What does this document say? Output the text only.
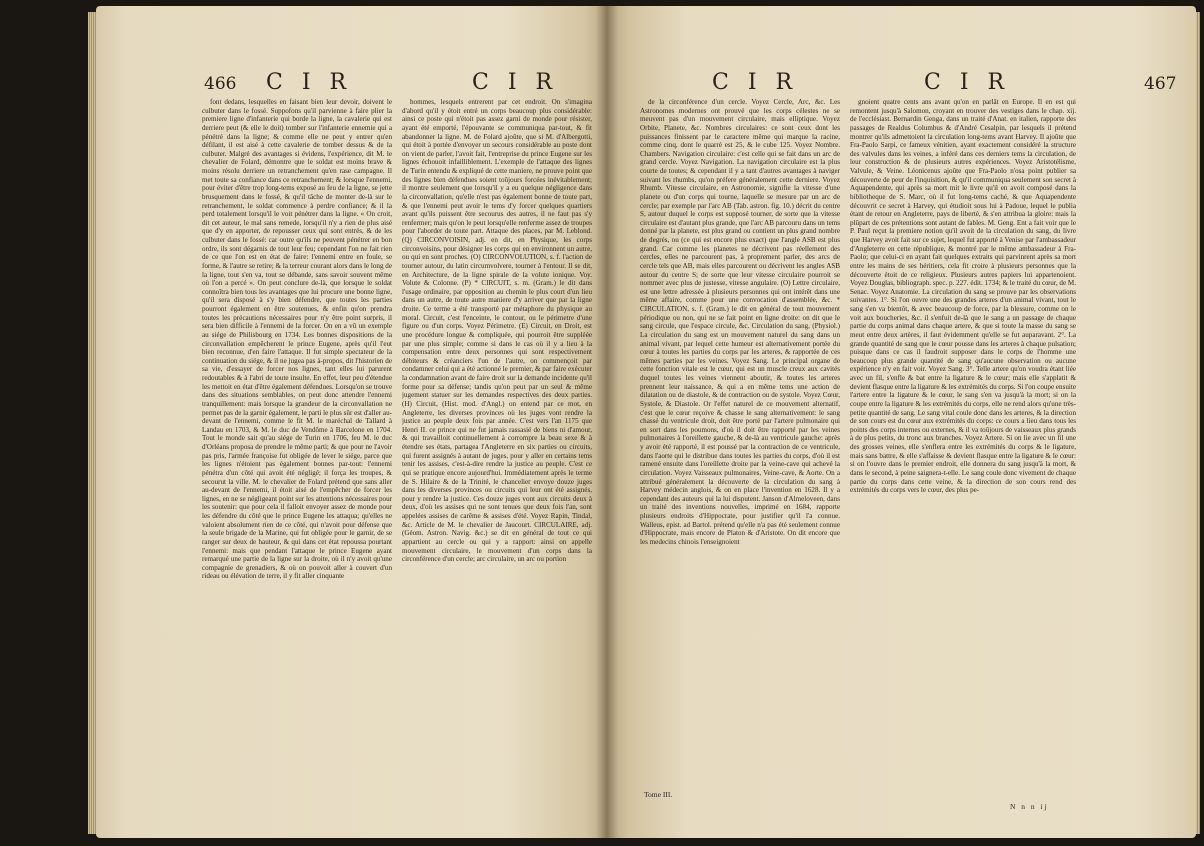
466 C I R	C I R

font dedans, lesquelles en faisant bien leur devoir, doivent le culbuter dans le fossé. Suppofons qu'il parvienne à faire plier la premiere ligne d'infanterie qui borde la ligne, la cavalerie qui est derriere peut (& elle le doit) tomber sur l'infanterie ennemie qui a pénétré dans la ligne; & comme elle ne peut y entrer qu'en défilant, il est aisé à cette cavalerie de tomber dessus & de la culbuter. Malgré des avantages si évidens, l'expérience, dit M. le chevalier de Folard, démontre que le soldat est moins brave & moins résolu derriere un retranchement qu'en rase campagne. Il met toute sa confiance dans ce retranchement; & lorsque l'ennemi, pour éviter d'être trop long-tems exposé au feu de la ligne, se jette brusquement dans le fossé, & qu'il tâche de monter de-là sur le retranchement, le soldat commence à perdre confiance; & il la perd totalement lorsqu'il le voit pénétrer dans la ligne. « On croit, dit cet auteur, le mal sans remede, lorsqu'il n'y a rien de plus aisé que d'y en apporter, de repousser ceux qui sont entrés, & de les culbuter dans le fossé: car outre qu'ils ne peuvent pénétrer en bon ordre, ils sont dégarnis de tout leur feu; cependant l'on ne fait rien de ce que l'on est en état de faire: l'ennemi entre en foule, se forme, & l'autre se retire; & la terreur courant alors dans le long de la ligne, tout s'en va, tout se débande, sans savoir souvent même où l'on a percé ». On peut conclure de-là, que lorsque le soldat connoîtra bien tous les avantages que lui procure une bonne ligne, qu'il sera disposé à s'y bien défendre, que toutes les parties pourront également en être soutenues, & enfin qu'on prendra toutes les précautions nécessaires pour n'y être point surpris, il sera bien difficile à l'ennemi de la forcer. On en a vû un exemple au siége de Philisbourg en 1734. Les bonnes dispositions de la circonvallation empêcherent le prince Eugene, après qu'il l'eut bien reconnue, d'en faire l'attaque. Il fut simple spectateur de la continuation du siége, & il ne jugea pas à-propos, dit l'historien de sa vie, d'essayer de forcer nos lignes, tant elles lui parurent redoutables & à l'abri de toute insulte. En effet, leur peu d'étendue les mettoit en état d'être également défendues. Lorsqu'on se trouve dans des situations semblables, on peut donc attendre l'ennemi tranquillement: mais lorsque la grandeur de la circonvallation ne permet pas de la garnir également, le parti le plus sûr est d'aller au-devant de l'ennemi, comme le fit M. le maréchal de Tallard à Landau en 1703, & M. le duc de Vendôme à Barcelone en 1704. Tout le monde sait qu'au siége de Turin en 1706, feu M. le duc d'Orléans proposa de prendre le même parti; & que pour ne l'avoir pas pris, l'armée françoise fut obligée de lever le siége, parce que les lignes n'étoient pas également bonnes par-tout: l'ennemi pénétra d'un côté qui avoit été négligé; il força les troupes, & secourut la ville. M. le chevalier de Folard prétend que sans aller au-devant de l'ennemi, il étoit aisé de l'empêcher de forcer les lignes, en ne se négligeant point sur les attentions nécessaires pour les soutenir: que pour cela il falloit envoyer assez de monde pour les défendre du côté que le prince Eugene les attaqua; qu'elles ne valoient absolument rien de ce côté, qui n'avoit pour défense que la seule brigade de la Marine, qui fut obligée pour le garnir, de se ranger sur deux de hauteur, & qui dans cet état repoussa pourtant l'ennemi: mais que pendant l'attaque le prince Eugene ayant remarqué une partie de la ligne sur la droite, où il n'y avoit qu'une compagnie de grenadiers, & où on pouvoit aller à couvert d'un rideau ou élévation de terre, il y fit aller cinquante

hommes, lesquels entrerent par cet endroit. On s'imagina d'abord qu'il y étoit entré un corps beaucoup plus considérable: ainsi ce poste qui n'étoit pas assez garni de monde pour résister, ayant été emporté, l'épouvante se communiqua par-tout, & fit abandonner la ligne. M. de Folard ajoûte, que si M. d'Albergotti, qui étoit à portée d'envoyer un secours considérable au poste dont on vient de parler, l'avoit fait, l'entreprise du prince Eugene sur les lignes échouoit infailliblement. L'exemple de l'attaque des lignes de Turin entendu & expliqué de cette maniere, ne prouve point que des lignes bien défendues soient toûjours forcées inévitablement; il montre seulement que lorsqu'il y a eu quelque négligence dans la circonvallation, qu'elle n'est pas également bonne de toute part, & que l'ennemi peut avoir le tems d'y forcer quelques quartiers avant qu'ils puissent être secourus des autres, il ne faut pas s'y renfermer; mais qu'on le peut lorsqu'elle renferme assez de troupes pour l'aborder de toute part. Attaque des places, par M. Leblond. (Q) CIRCONVOISIN, adj. en dit, en Physique, les corps circonvoisins, pour désigner les corps qui en environnent un autre, ou qui en sont proches. (O) CIRCONVOLUTION, s. f. l'action de tourner autour, du latin circumvolvere, tourner à l'entour. Il se dit, en Architecture, de la ligne spirale de la volute ionique. Voy. Volute & Colonne. (P) * CIRCUIT, s. m. (Gram.) le dit dans l'usage ordinaire, par opposition au chemin le plus court d'un lieu dans un autre, de toute autre maniere d'y arriver que par la ligne droite. Ce terme a été transporté par métaphore du physique au moral. Circuit, c'est l'enceinte, le contour, ou le périmetre d'une figure ou d'un corps. Voyez Périmetre. (E) Circuit, en Droit, est une procédure longue & compliquée, qui pourroit être suppléée par une plus simple; comme si dans le cas où il y a lieu à la compensation entre deux personnes qui sont respectivement débiteurs & créanciers l'un de l'autre, on commençoit par condamner celui qui a été actionné le premier, & par faire exécuter la condamnation avant de faire droit sur la demande incidente qu'il forme pour sa défense; tandis qu'on peut par un seul & même jugement statuer sur les demandes respectives des deux parties. (H) Circuit, (Hist. mod. d'Angl.) on entend par ce mot, en Angleterre, les diverses provinces où les juges vont rendre la justice au peuple deux fois par année. C'est vers l'an 1175 que Henri II. ce prince qui ne fut jamais rassasié de biens ni d'amour, & qui travailloit continuellement à corrompre la beau sexe & à étendre ses états, partagea l'Angleterre en six parties ou circuits, qui furent assignés à autant de juges, pour y aller en certains tems tenir les assises, c'est-à-dire rendre la justice au peuple. C'est ce qui se pratique encore aujourd'hui. Immédiatement après le terme de S. Hilaire & de la Trinité, le chancelier envoye douze juges dans les diverses provinces ou circuits qui leur ont été assignés, pour y rendre la justice. Ces douze juges vont aux circuits deux à deux, d'où les assises qui ne sont tenues que deux fois l'an, sont appelées assises de carême & assises d'été. Voyez Rapin, Tindal, &c. Article de M. le chevalier de Jaucourt. CIRCULAIRE, adj. (Géom. Astron. Navig. &c.) se dit en général de tout ce qui appartient au cercle ou qui y a rapport: ainsi on appelle mouvement circulaire, le mouvement d'un corps dans la circonférence d'un cercle; arc circulaire, un arc ou portion

C I R	C I R	467

de la circonférence d'un cercle. Voyez Cercle, Arc, &c. Les Astronomes modernes ont prouvé que les corps célestes ne se meuvent pas d'un mouvement circulaire, mais elliptique. Voyez Orbite, Planete, &c. Nombres circulaires: ce sont ceux dont les puissances finissent par le caractere même qui marque la racine, comme cinq, dont le quarré est 25, & le cube 125. Voyez Nombre. Chambers. Navigation circulaire: c'est celle qui se fait dans un arc de grand cercle. Voyez Navigation. La navigation circulaire est la plus courte de toutes; & cependant il y a tant d'autres avantages à naviger suivant les rhumbs, qu'on préfere généralement cette derniere. Voyez Rhumb. Vitesse circulaire, en Astronomie, signifie la vitesse d'une planete ou d'un corps qui tourne, laquelle se mesure par un arc de cercle; par exemple par l'arc AB (Tab. astron. fig. 10.) décrit du centre S, autour duquel le corps est supposé tourner, de sorte que la vitesse circulaire est d'autant plus grande, que l'arc AB parcouru dans un tems donné par la planete, est plus grand ou contient un plus grand nombre de degrés, ou (ce qui est encore plus exact) que l'angle ASB est plus grand. Car comme les planetes ne décrivent pas réellement des cercles, elles ne parcourent pas, à proprement parler, des arcs de cercle tels que AB, mais elles parcourent ou décrivent les angles ASB autour du centre S; de sorte que leur vitesse circulaire pourroit se nommer avec plus de justesse, vitesse angulaire. (O) Lettre circulaire, est une lettre adressée à plusieurs personnes qui ont intérêt dans une même affaire, comme pour une convocation d'assemblée, &c. * CIRCULATION, s. f. (Gram.) le dit en général de tout mouvement périodique ou non, qui ne se fait point en ligne droite: on dit que le sang circule, que l'espace circule, &c. Circulation du sang, (Physiol.) La circulation du sang est un mouvement naturel du sang dans un animal vivant, par lequel cette humeur est alternativement portée du cœur à toutes les parties du corps par les arteres, & rapportée de ces mêmes parties par les veines. Voyez Sang. Le principal organe de cette fonction vitale est le cœur, qui est un muscle creux aux cavités duquel toutes les veines viennent aboutir, & toutes les arteres prennent leur naissance, & qui a en même tems une action de dilatation ou de diastole, & de contraction ou de systole. Voyez Cœur, Systole, & Diastole. Or l'effet naturel de ce mouvement alternatif, c'est que le cœur reçoive & chasse le sang alternativement: le sang chassé du ventricule droit, doit être porté par l'artere pulmonaire qui en sort dans les poumons, d'où il doit être rapporté par les veines pulmonaires à l'oreillette gauche, & de-là au ventricule gauche: après y avoir été rapporté, il est poussé par la contraction de ce ventricule, dans l'aorte qui le distribue dans toutes les parties du corps, d'où il est ramené ensuite dans l'oreillette droite par la veine-cave qui achevé la circulation. Voyez Vaisseaux pulmonaires, Veine-cave, & Aorte. On a attribué généralement la découverte de la circulation du sang à Harvey médecin anglois, & on en place l'invention en 1628. Il y a cependant des auteurs qui la lui disputent. Janson d'Almeloveen, dans un traité des inventions nouvelles, imprimé en 1684, rapporte plusieurs endroits d'Hippocrate, pour justifier qu'il l'a connue. Walleus, epist. ad Bartol. prétend qu'elle n'a pas été seulement connue d'Hippocrate, mais encore de Platon & d'Aristote. On dit encore que les medecins chinois l'enseignoient

gnoient quatre cents ans avant qu'on en parlât en Europe. Il en est qui remontent jusqu'à Salomon, croyant en trouver des vestiges dans le chap. xij. de l'ecclésiast. Bernardin Genga, dans un traité d'Anat. en italien, rapporte des passages de Realdus Columbus & d'André Cesalpin, par lesquels il prétend montrer qu'ils admettoient la circulation long-tems avant Harvey. Il ajoûte que Fra-Paolo Sarpi, ce fameux vénitien, ayant exactement considéré la structure des valvules dans les veines, a inféré dans ces derniers tems la circulation, de leur construction & de plusieurs autres expériences. Voyez Aristotélisme, Valvule, & Veine. Léonicenus ajoûte que Fra-Paolo n'osa point publier sa découverte de peur de l'inquisition, & qu'il communiqua seulement son secret à Aquapendente, qui après sa mort mit le livre qu'il en avoit composé dans la bibliotheque de S. Marc, où il fut long-tems caché, & que Aquapendente découvrit ce secret à Harvey, qui étudioit sous lui à Padoue, lequel le publia étant de retour en Angleterre, pays de liberté, & s'en attribua la gloire: mais la plûpart de ces prétentions sont autant de fables. M. Geng. Ent a fait voir que le P. Paul reçut la premiere notion qu'il avoit de la circulation du sang, du livre que Harvey avoit fait sur ce sujet, lequel fut apporté à Venise par l'ambassadeur d'Angleterre en cette république, & montré par le même ambassadeur à Fra-Paolo; que celui-ci en ayant fait quelques extraits qui parvinrent après sa mort entre les mains de ses héritiers, cela fit croire à plusieurs personnes que la découverte étoit de ce religieux. Plusieurs autres papiers lui appartenoient. Voyez Douglas, bibliograph. spec. p. 227. édit. 1734; & le traité du cœur, de M. Senac. Voyez Anatomie. La circulation du sang se prouve par les observations suivantes. 1°. Si l'on ouvre une des grandes arteres d'un animal vivant, tout le sang s'en va bientôt, & avec beaucoup de force, par la blessure, comme on le voit aux boucheries, &c. il s'enfuit de-là que le sang a un passage de chaque partie du corps animal dans chaque artere, & que si toute la masse du sang se meut entre deux artères, il faut évidemment qu'elle se fut auparavant. 2°. La grande quantité de sang que le cœur pousse dans les arteres à chaque pulsation; puisque dans ce cas il faudroit supposer dans le corps de l'homme une beaucoup plus grande quantité de sang qu'aucune observation ou aucune expérience n'y en fait voir. Voyez Sang. 3°. Telle artere qu'on voudra étant liée avec un fil, s'enfle & bat entre la ligature & le cœur; mais elle s'applatit & devient flasque entre la ligature & les extrémités du corps. Si l'on coupe ensuite l'artere entre la ligature & le cœur, le sang s'en va jusqu'à la mort; si on la coupe entre la ligature & les extrémités du corps, elle ne rend alors qu'une très-petite quantité de sang. Le sang vital coule donc dans les arteres, & la direction de son cours est du cœur aux extrémités du corps: ce cours a lieu dans tous les points des corps internes ou externes, & il va toûjours de vaisseaux plus grands à de plus petits, du tronc aux branches. Voyez Artere. Si on lie avec un fil une des grosses veines, elle s'enflera entre les extrémités du corps & le ligature, mais sans battre, & elle s'affaisse & devient flasque entre la ligature & le cœur: si on l'ouvre dans le premier endroit, elle donnera du sang jusqu'à la mort, & dans le second, à peine saignera-t-elle. Le sang coule donc vivement de chaque partie du corps dans cette veine, & la direction de son cours rend des extrémités du corps vers le cœur, des plus pe-

Tome III.
N n n ij
